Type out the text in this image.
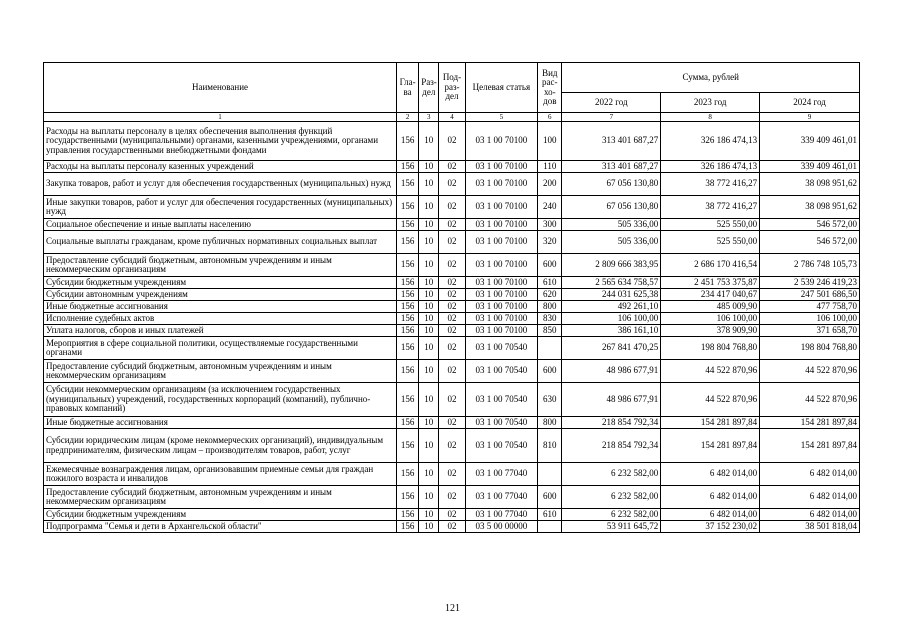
Наименование	Гла-ва	Раз-дел	Под-раз-дел	Целевая статья	Вид рас-хо-дов	Сумма, рублей		
						2022 год	2023 год	2024 год
1	2	3	4	5	6	7	8	9
Расходы на выплаты персоналу в целях обеспечения выполнения функций государственными (муниципальными) органами, казенными учреждениями, органами управления государственными внебюджетными фондами	156	10	02	03 1 00 70100	100	313 401 687,27	326 186 474,13	339 409 461,01
Расходы на выплаты персоналу казенных учреждений	156	10	02	03 1 00 70100	110	313 401 687,27	326 186 474,13	339 409 461,01
Закупка товаров, работ и услуг для обеспечения государственных (муниципальных) нужд	156	10	02	03 1 00 70100	200	67 056 130,80	38 772 416,27	38 098 951,62
Иные закупки товаров, работ и услуг для обеспечения государственных (муниципальных) нужд	156	10	02	03 1 00 70100	240	67 056 130,80	38 772 416,27	38 098 951,62
Социальное обеспечение и иные выплаты населению	156	10	02	03 1 00 70100	300	505 336,00	525 550,00	546 572,00
Социальные выплаты гражданам, кроме публичных нормативных социальных выплат	156	10	02	03 1 00 70100	320	505 336,00	525 550,00	546 572,00
Предоставление субсидий бюджетным, автономным учреждениям и иным некоммерческим организациям	156	10	02	03 1 00 70100	600	2 809 666 383,95	2 686 170 416,54	2 786 748 105,73
Субсидии бюджетным учреждениям	156	10	02	03 1 00 70100	610	2 565 634 758,57	2 451 753 375,87	2 539 246 419,23
Субсидии автономным учреждениям	156	10	02	03 1 00 70100	620	244 031 625,38	234 417 040,67	247 501 686,50
Иные бюджетные ассигнования	156	10	02	03 1 00 70100	800	492 261,10	485 009,90	477 758,70
Исполнение судебных актов	156	10	02	03 1 00 70100	830	106 100,00	106 100,00	106 100,00
Уплата налогов, сборов и иных платежей	156	10	02	03 1 00 70100	850	386 161,10	378 909,90	371 658,70
Мероприятия в сфере социальной политики, осуществляемые государственными органами	156	10	02	03 1 00 70540		267 841 470,25	198 804 768,80	198 804 768,80
Предоставление субсидий бюджетным, автономным учреждениям и иным некоммерческим организациям	156	10	02	03 1 00 70540	600	48 986 677,91	44 522 870,96	44 522 870,96
Субсидии некоммерческим организациям (за исключением государственных (муниципальных) учреждений, государственных корпораций (компаний), публично-правовых компаний)	156	10	02	03 1 00 70540	630	48 986 677,91	44 522 870,96	44 522 870,96
Иные бюджетные ассигнования	156	10	02	03 1 00 70540	800	218 854 792,34	154 281 897,84	154 281 897,84
Субсидии юридическим лицам (кроме некоммерческих организаций), индивидуальным предпринимателям, физическим лицам – производителям товаров, работ, услуг	156	10	02	03 1 00 70540	810	218 854 792,34	154 281 897,84	154 281 897,84
Ежемесячные вознаграждения лицам, организовавшим приемные семьи для граждан пожилого возраста и инвалидов	156	10	02	03 1 00 77040		6 232 582,00	6 482 014,00	6 482 014,00
Предоставление субсидий бюджетным, автономным учреждениям и иным некоммерческим организациям	156	10	02	03 1 00 77040	600	6 232 582,00	6 482 014,00	6 482 014,00
Субсидии бюджетным учреждениям	156	10	02	03 1 00 77040	610	6 232 582,00	6 482 014,00	6 482 014,00
Подпрограмма "Семья и дети в Архангельской области"	156	10	02	03 5 00 00000		53 911 645,72	37 152 230,02	38 501 818,04
121
